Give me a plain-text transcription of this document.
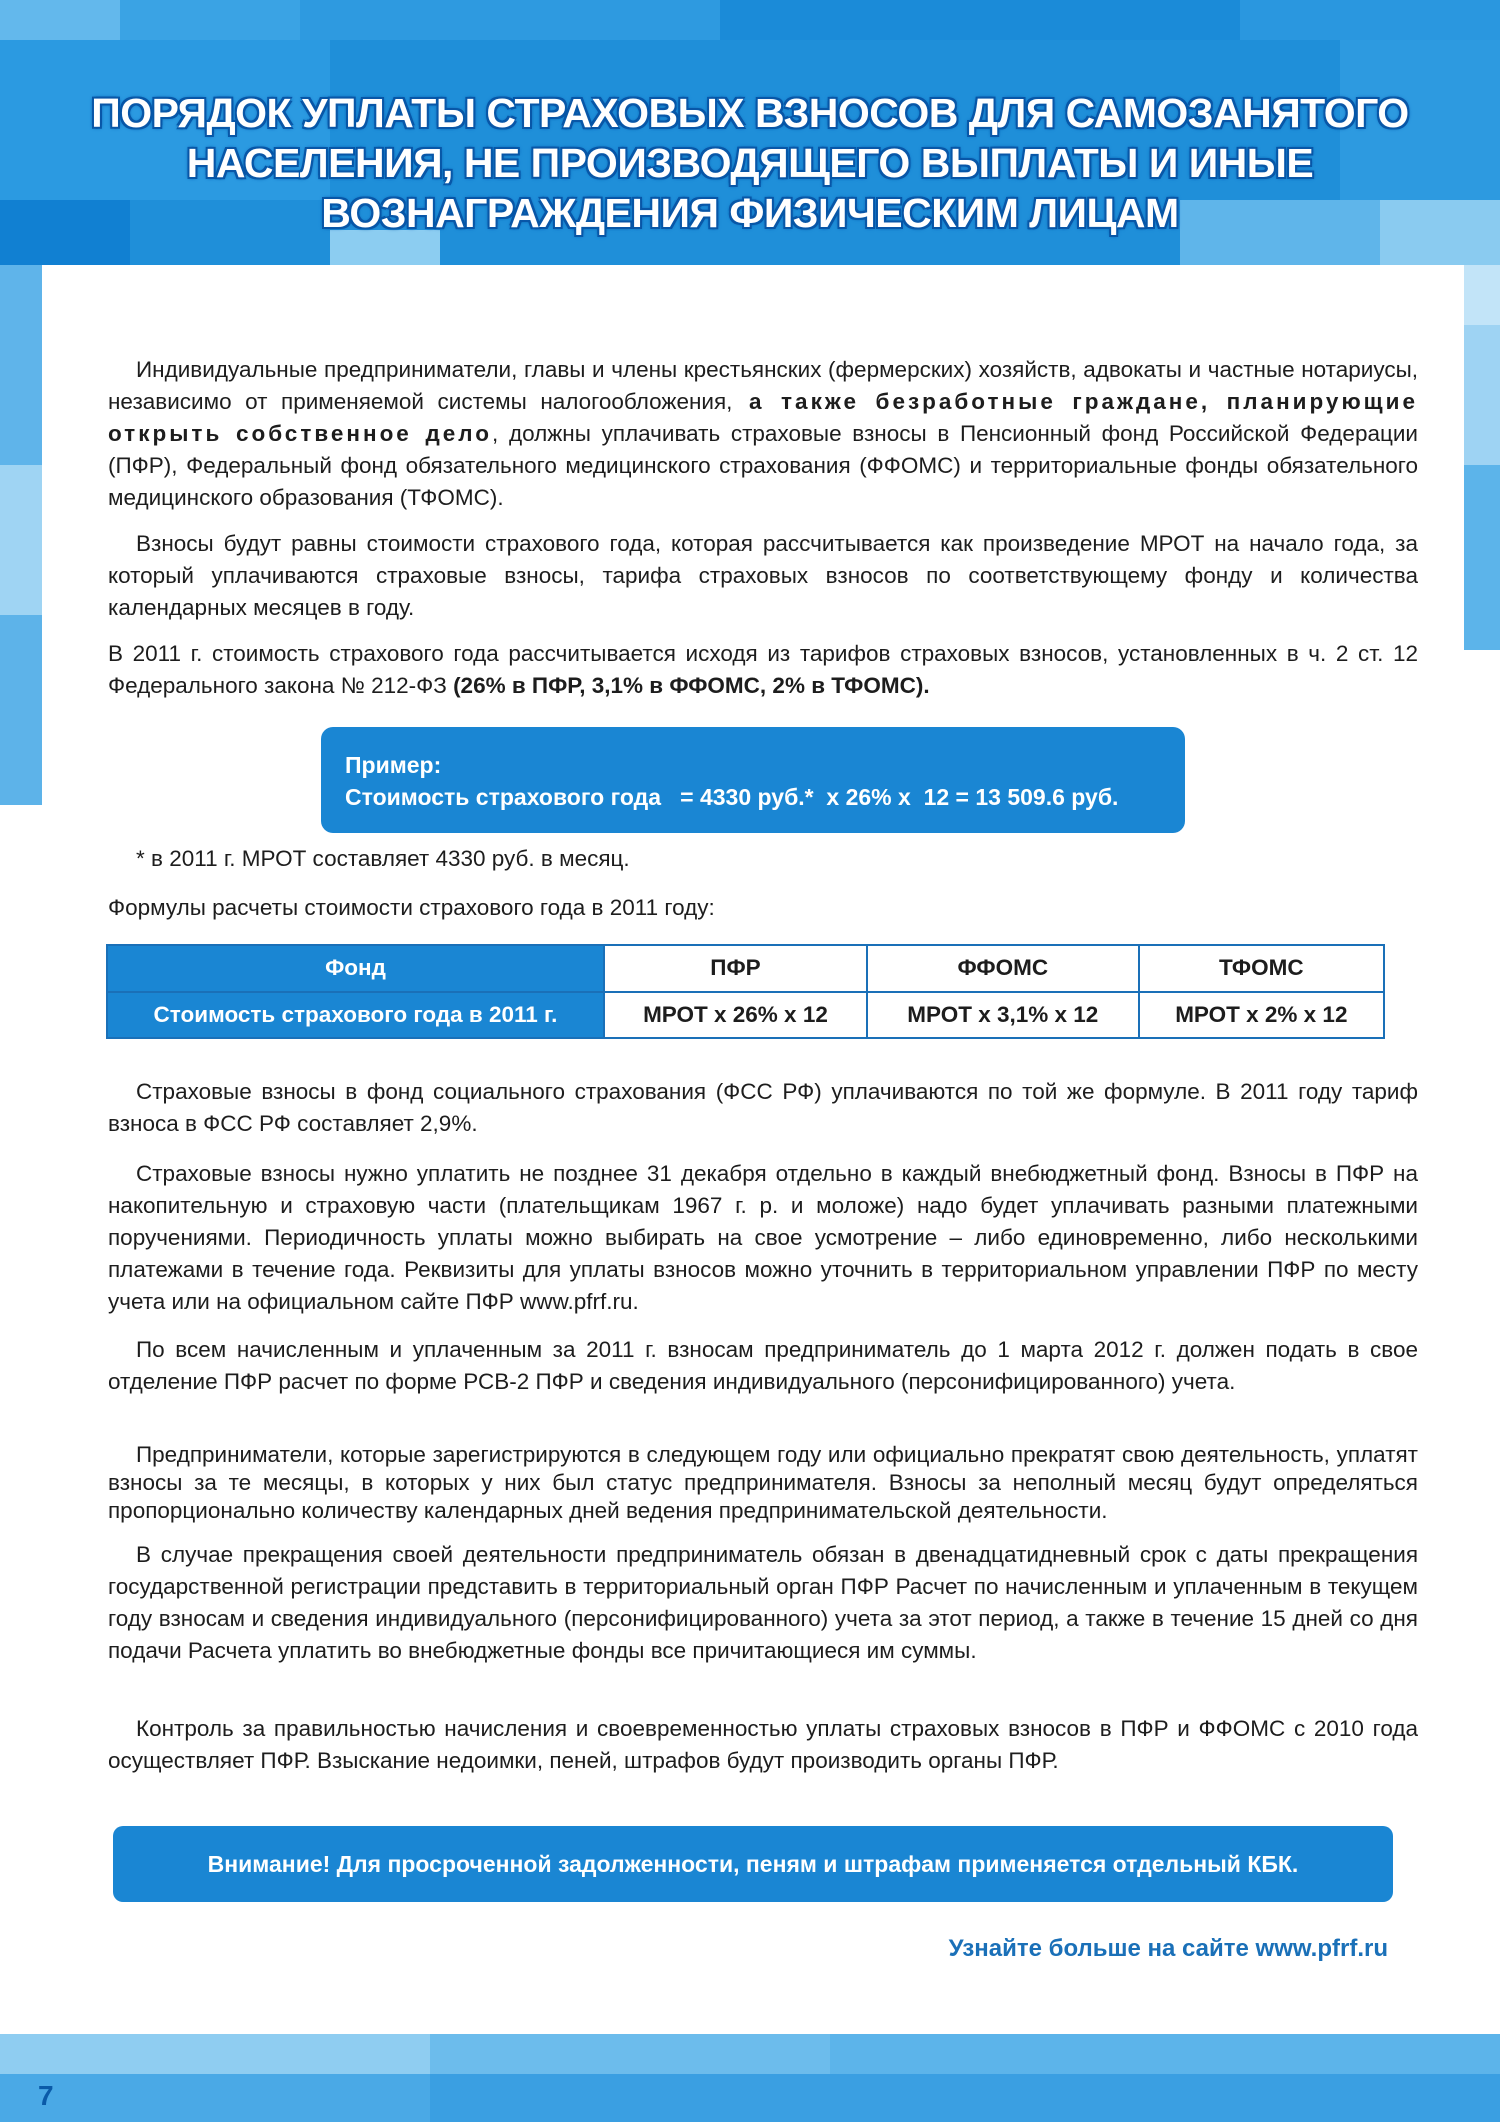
ПОРЯДОК УПЛАТЫ СТРАХОВЫХ ВЗНОСОВ ДЛЯ САМОЗАНЯТОГО
НАСЕЛЕНИЯ, НЕ ПРОИЗВОДЯЩЕГО ВЫПЛАТЫ И ИНЫЕ
ВОЗНАГРАЖДЕНИЯ ФИЗИЧЕСКИМ ЛИЦАМ
Индивидуальные предприниматели, главы и члены крестьянских (фермерских) хозяйств, адвокаты и частные нотариусы, независимо от применяемой системы налогообложения, а также безработные граждане, планирующие открыть собственное дело, должны уплачивать страховые взносы в Пенсионный фонд Российской Федерации (ПФР), Федеральный фонд обязательного медицинского страхования (ФФОМС) и территориальные фонды обязательного медицинского образования (ТФОМС).
Взносы будут равны стоимости страхового года, которая рассчитывается как произведение МРОТ на начало года, за который уплачиваются страховые взносы, тарифа страховых взносов по соответствующему фонду и количества календарных месяцев в году.
В 2011 г. стоимость страхового года рассчитывается исходя из тарифов страховых взносов, установленных в ч. 2 ст. 12 Федерального закона № 212-ФЗ (26% в ПФР, 3,1% в ФФОМС, 2% в ТФОМС).
Пример:
Стоимость страхового года   = 4330 руб.*  x 26% x  12 = 13 509.6 руб.
* в 2011 г. МРОТ составляет 4330 руб. в месяц.
Формулы расчеты стоимости страхового года в 2011 году:
Фонд	ПФР	ФФОМС	ТФОМС
Стоимость страхового года в 2011 г.	МРОТ x 26% x 12	МРОТ x 3,1% x 12	МРОТ x 2% x 12
Страховые взносы в фонд социального страхования (ФСС РФ) уплачиваются по той же формуле. В 2011 году тариф взноса в ФСС РФ составляет 2,9%.
Страховые взносы нужно уплатить не позднее 31 декабря отдельно в каждый внебюджетный фонд. Взносы в ПФР на накопительную и страховую части (плательщикам 1967 г. р. и моложе) надо будет уплачивать разными платежными поручениями. Периодичность уплаты можно выбирать на свое усмотрение – либо единовременно, либо несколькими платежами в течение года. Реквизиты для уплаты взносов можно уточнить в территориальном управлении ПФР по месту учета или на официальном сайте ПФР www.pfrf.ru.
По всем начисленным и уплаченным за 2011 г. взносам предприниматель до 1 марта 2012 г. должен подать в свое отделение ПФР расчет по форме РСВ-2 ПФР и сведения индивидуального (персонифицированного) учета.
Предприниматели, которые зарегистрируются в следующем году или официально прекратят свою деятельность, уплатят взносы за те месяцы, в которых у них был статус предпринимателя. Взносы за неполный месяц будут определяться пропорционально количеству календарных дней ведения предпринимательской деятельности.
В случае прекращения своей деятельности предприниматель обязан в двенадцатидневный срок с даты прекращения государственной регистрации представить в территориальный орган ПФР Расчет по начисленным и уплаченным в текущем году взносам и сведения индивидуального (персонифицированного) учета за этот период, а также в течение 15 дней со дня подачи Расчета уплатить во внебюджетные фонды все причитающиеся им суммы.
Контроль за правильностью начисления и своевременностью уплаты страховых взносов в ПФР и ФФОМС с 2010 года осуществляет ПФР. Взыскание недоимки, пеней, штрафов будут производить органы ПФР.
Внимание! Для просроченной задолженности, пеням и штрафам применяется отдельный КБК.
Узнайте больше на сайте www.pfrf.ru
7
